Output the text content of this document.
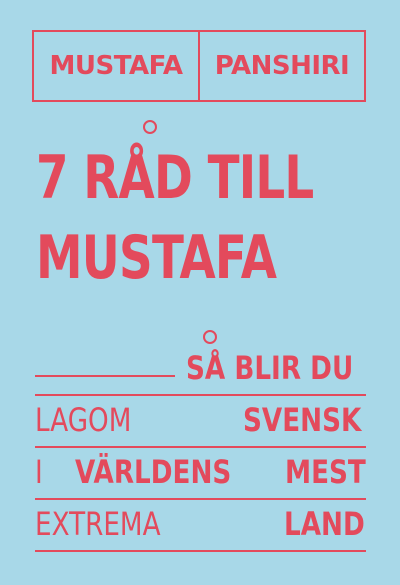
MUSTAFA	PANSHIRI
7 RÅD TILL
MUSTAFA
SÅ BLIR DU
LAGOM	SVENSK
I VÄRLDENS MEST
EXTREMA	LAND
